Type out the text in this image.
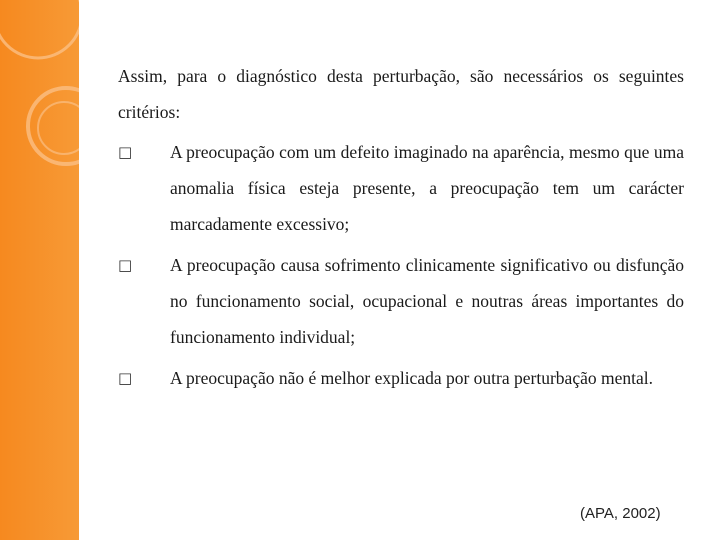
Assim, para o diagnóstico desta perturbação, são necessários os seguintes critérios:

□ A preocupação com um defeito imaginado na aparência, mesmo que uma anomalia física esteja presente, a preocupação tem um carácter marcadamente excessivo;
□ A preocupação causa sofrimento clinicamente significativo ou disfunção no funcionamento social, ocupacional e noutras áreas importantes do funcionamento individual;
□ A preocupação não é melhor explicada por outra perturbação mental.
(APA, 2002)
